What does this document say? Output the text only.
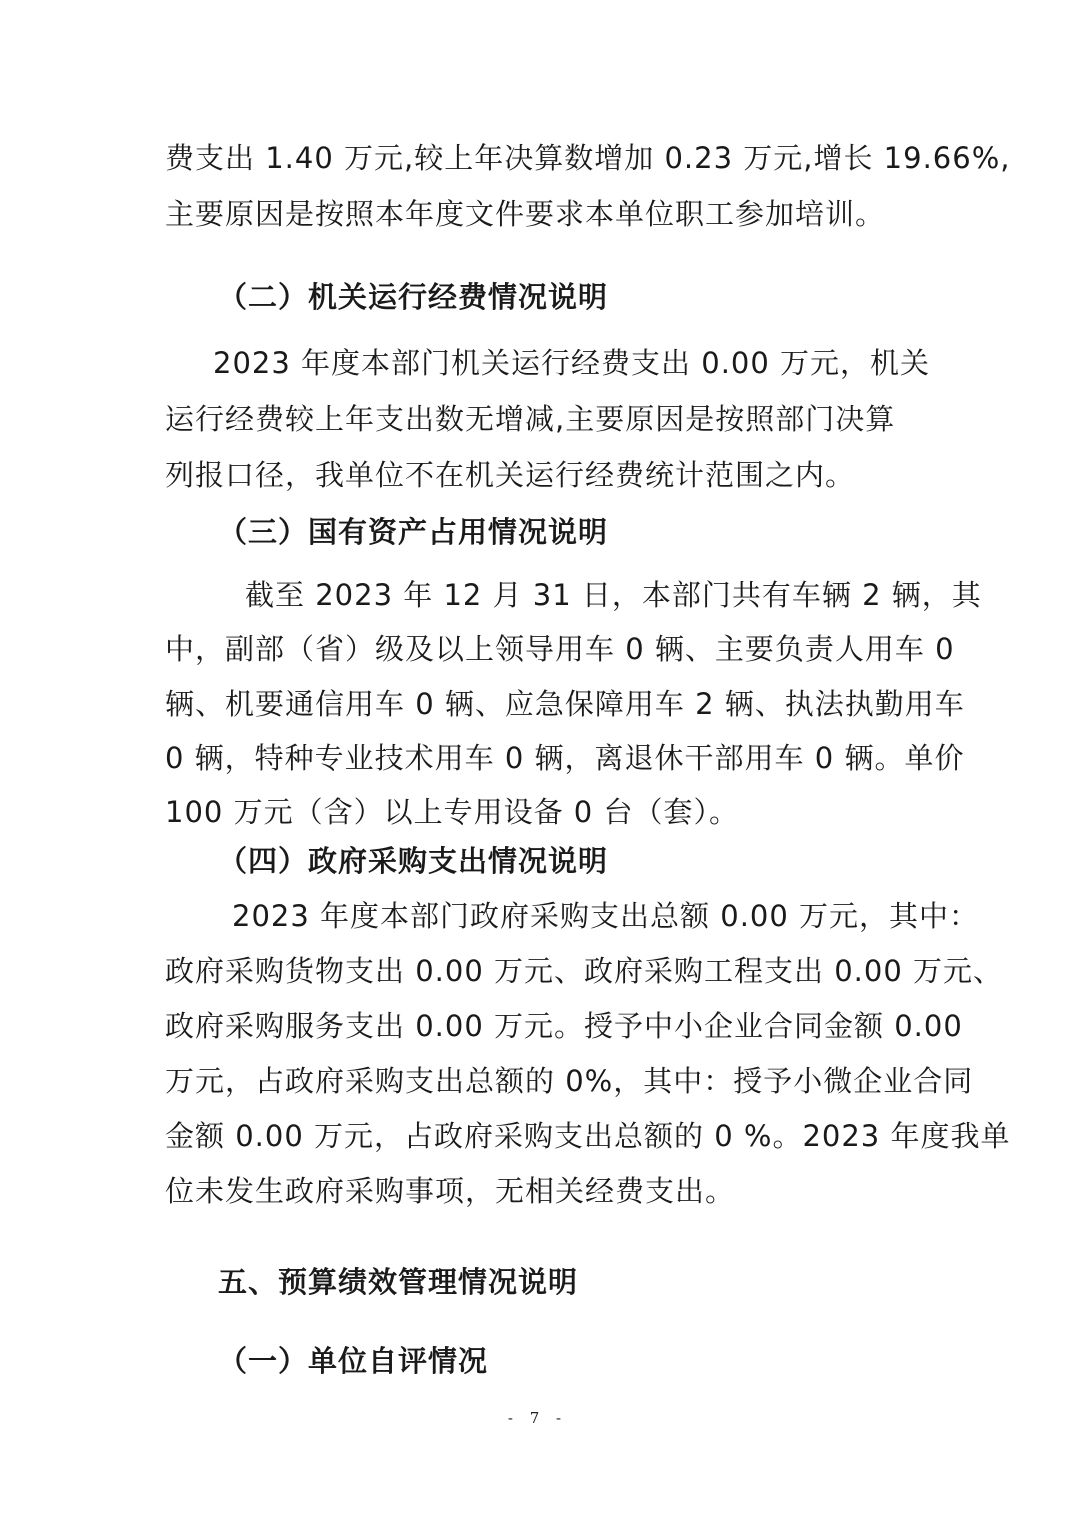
费支出 1.40 万元,较上年决算数增加 0.23 万元,增长 19.66%,
主要原因是按照本年度文件要求本单位职工参加培训。
（二）机关运行经费情况说明
2023 年度本部门机关运行经费支出 0.00 万元，机关
运行经费较上年支出数无增减,主要原因是按照部门决算
列报口径，我单位不在机关运行经费统计范围之内。
（三）国有资产占用情况说明
截至 2023 年 12 月 31 日，本部门共有车辆 2 辆，其
中，副部（省）级及以上领导用车 0 辆、主要负责人用车 0
辆、机要通信用车 0 辆、应急保障用车 2 辆、执法执勤用车
0 辆，特种专业技术用车 0 辆，离退休干部用车 0 辆。单价
100 万元（含）以上专用设备 0 台（套）。
（四）政府采购支出情况说明
2023 年度本部门政府采购支出总额 0.00 万元，其中：
政府采购货物支出 0.00 万元、政府采购工程支出 0.00 万元、
政府采购服务支出 0.00 万元。授予中小企业合同金额 0.00
万元，占政府采购支出总额的 0%，其中：授予小微企业合同
金额 0.00 万元，占政府采购支出总额的 0 %。2023 年度我单
位未发生政府采购事项，无相关经费支出。
五、预算绩效管理情况说明
（一）单位自评情况
- 7 -
